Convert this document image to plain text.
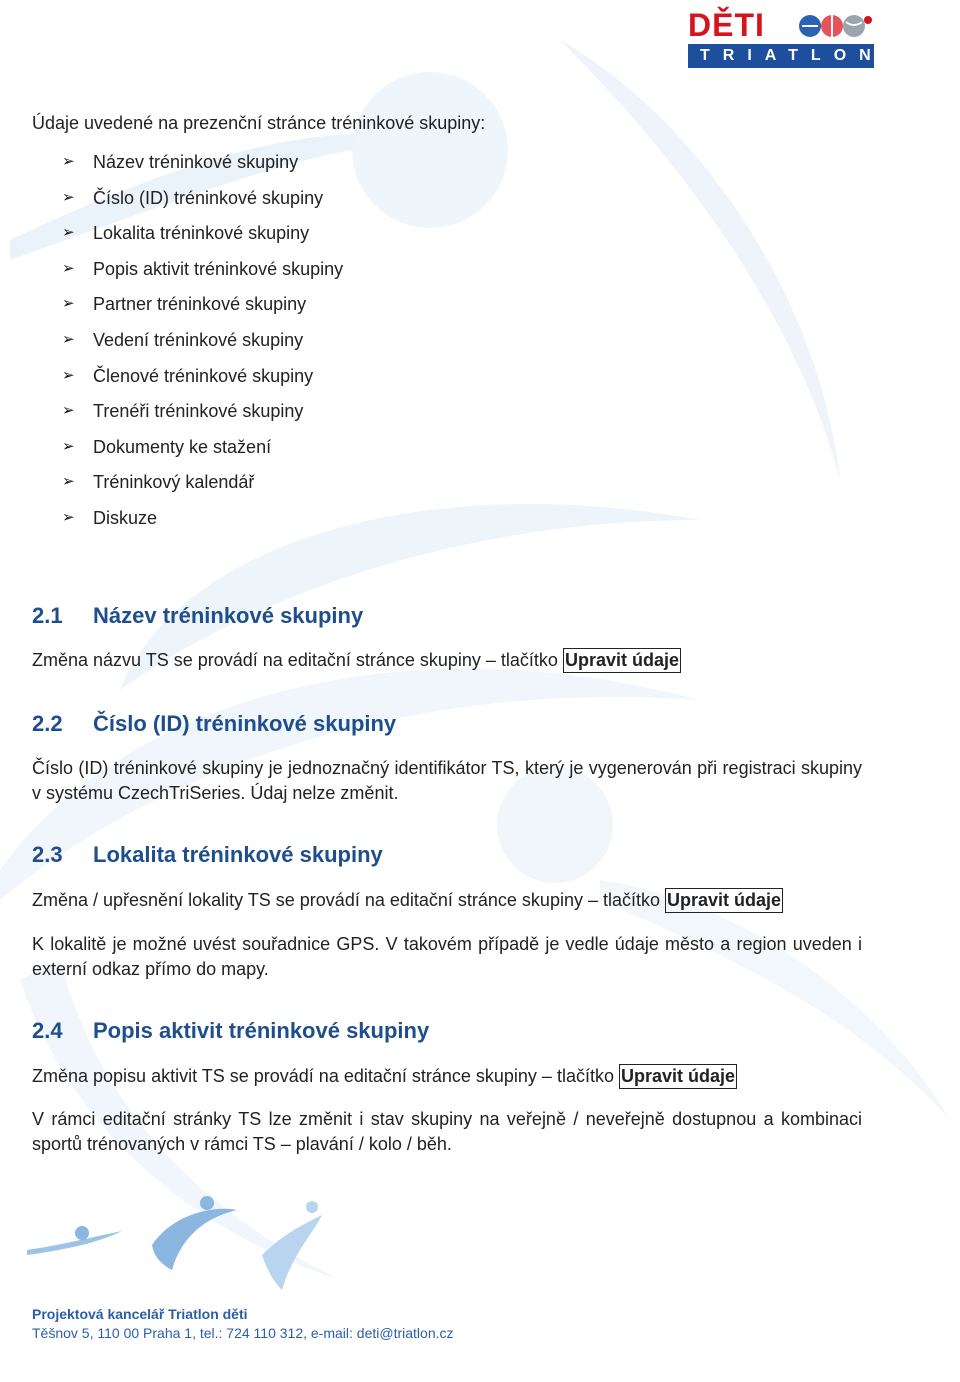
DĚTI
TRIATLON
Údaje uvedené na prezenční stránce tréninkové skupiny:
➢	Název tréninkové skupiny
➢	Číslo (ID) tréninkové skupiny
➢	Lokalita tréninkové skupiny
➢	Popis aktivit tréninkové skupiny
➢	Partner tréninkové skupiny
➢	Vedení tréninkové skupiny
➢	Členové tréninkové skupiny
➢	Trenéři tréninkové skupiny
➢	Dokumenty ke stažení
➢	Tréninkový kalendář
➢	Diskuze
2.1 Název tréninkové skupiny
Změna názvu TS se provádí na editační stránce skupiny – tlačítko Upravit údaje
2.2 Číslo (ID) tréninkové skupiny
Číslo (ID) tréninkové skupiny je jednoznačný identifikátor TS, který je vygenerován při registraci skupiny v systému CzechTriSeries. Údaj nelze změnit.
2.3 Lokalita tréninkové skupiny
Změna / upřesnění lokality TS se provádí na editační stránce skupiny – tlačítko Upravit údaje
K lokalitě je možné uvést souřadnice GPS. V takovém případě je vedle údaje město a region uveden i externí odkaz přímo do mapy.
2.4 Popis aktivit tréninkové skupiny
Změna popisu aktivit TS se provádí na editační stránce skupiny – tlačítko Upravit údaje
V rámci editační stránky TS lze změnit i stav skupiny na veřejně / neveřejně dostupnou a kombinaci sportů trénovaných v rámci TS – plavání / kolo / běh.
Projektová kancelář Triatlon děti
Těšnov 5, 110 00 Praha 1, tel.: 724 110 312, e-mail: deti@triatlon.cz
